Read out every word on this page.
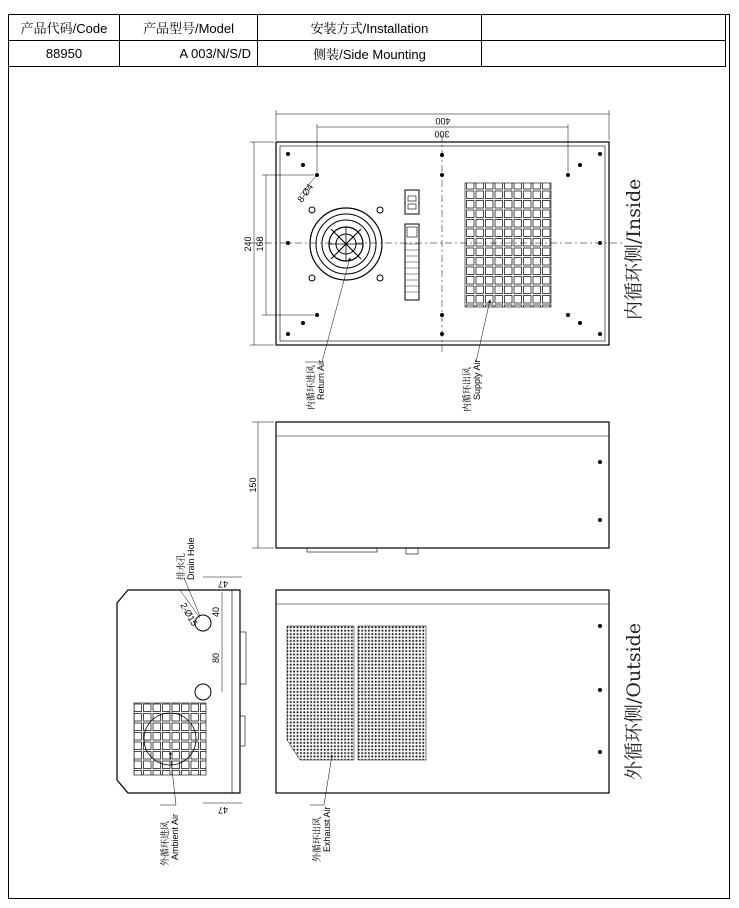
产品代码/Code	产品型号/Model	安装方式/Installation	
88950	A 003/N/S/D	侧装/Side Mounting	
400
300
240 168
8-Ø4
内循环进风 Return Air	内循环出风 Supply Air
内循环侧/Inside
150
外循环出风 Exhaust Air
外循环侧/Outside
47
47
40
80
2-Ø15
排水孔 Drain Hole
外循环进风 Ambient Air
